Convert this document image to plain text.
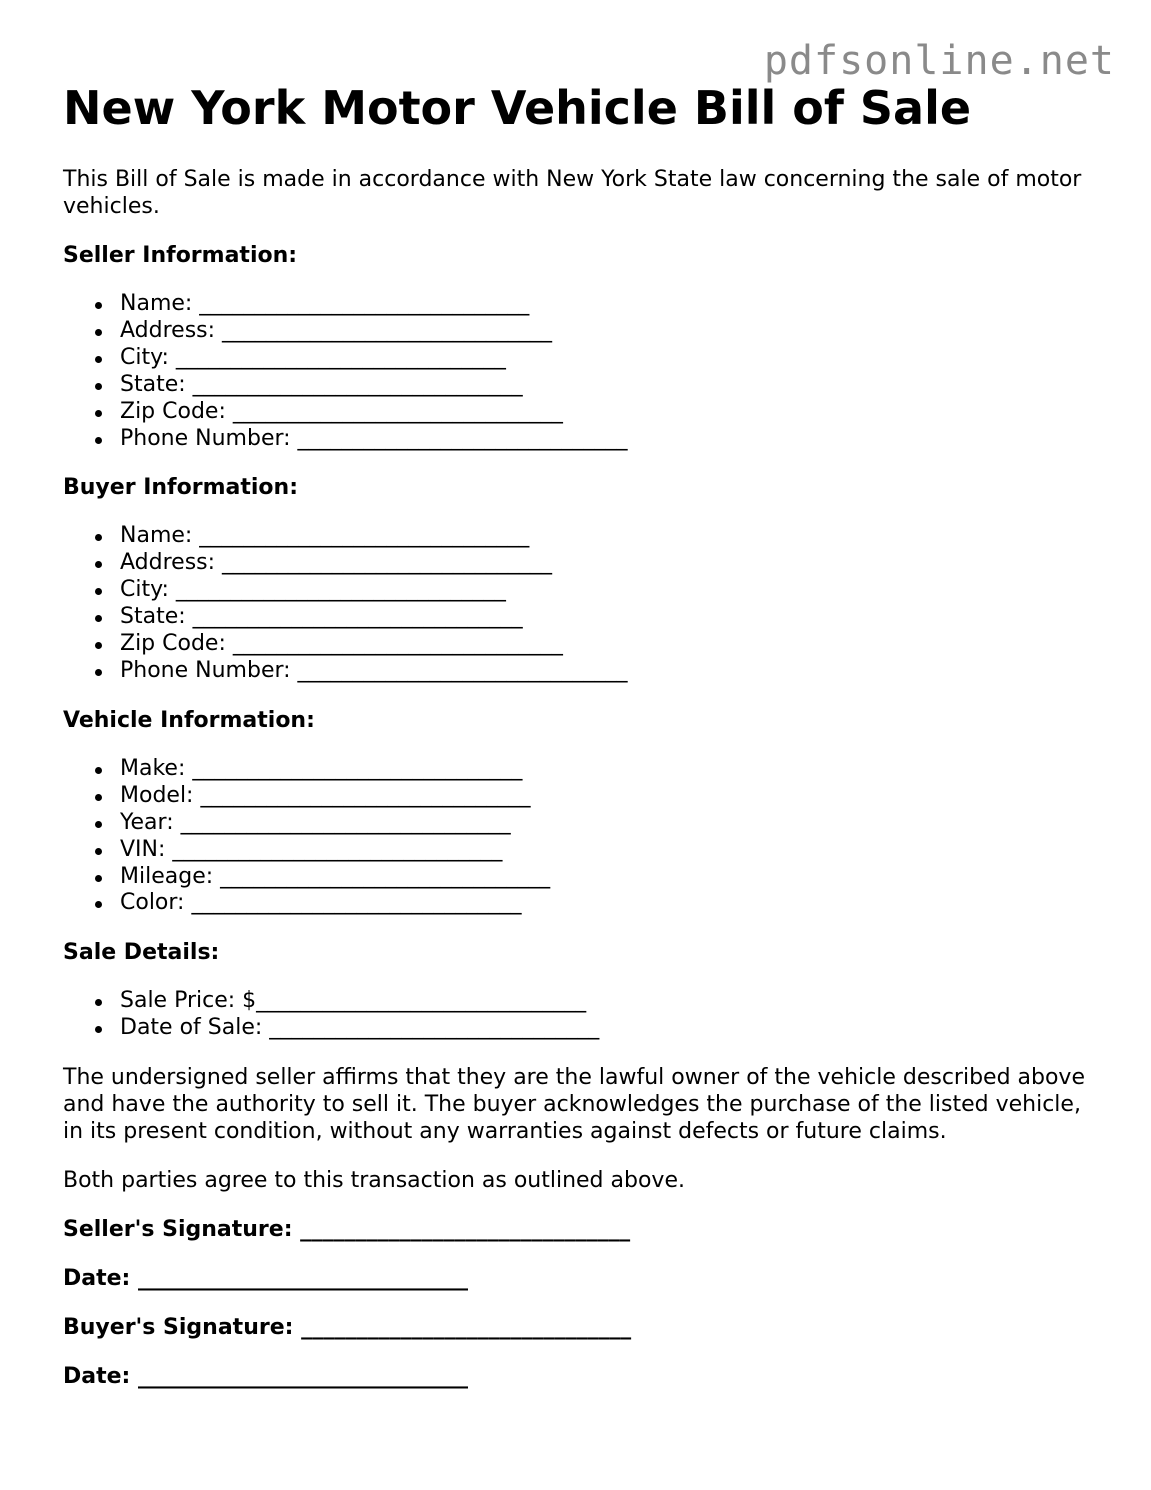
pdfsonline.net
New York Motor Vehicle Bill of Sale

This Bill of Sale is made in accordance with New York State law concerning the sale of motor vehicles.

Seller Information:

Name: ______________________________
Address: ______________________________
City: ______________________________
State: ______________________________
Zip Code: ______________________________
Phone Number: ______________________________

Buyer Information:

Name: ______________________________
Address: ______________________________
City: ______________________________
State: ______________________________
Zip Code: ______________________________
Phone Number: ______________________________

Vehicle Information:

Make: ______________________________
Model: ______________________________
Year: ______________________________
VIN: ______________________________
Mileage: ______________________________
Color: ______________________________

Sale Details:

Sale Price: $______________________________
Date of Sale: ______________________________

The undersigned seller affirms that they are the lawful owner of the vehicle described above and have the authority to sell it. The buyer acknowledges the purchase of the listed vehicle, in its present condition, without any warranties against defects or future claims.

Both parties agree to this transaction as outlined above.

Seller's Signature: ______________________________

Date: ______________________________

Buyer's Signature: ______________________________

Date: ______________________________
